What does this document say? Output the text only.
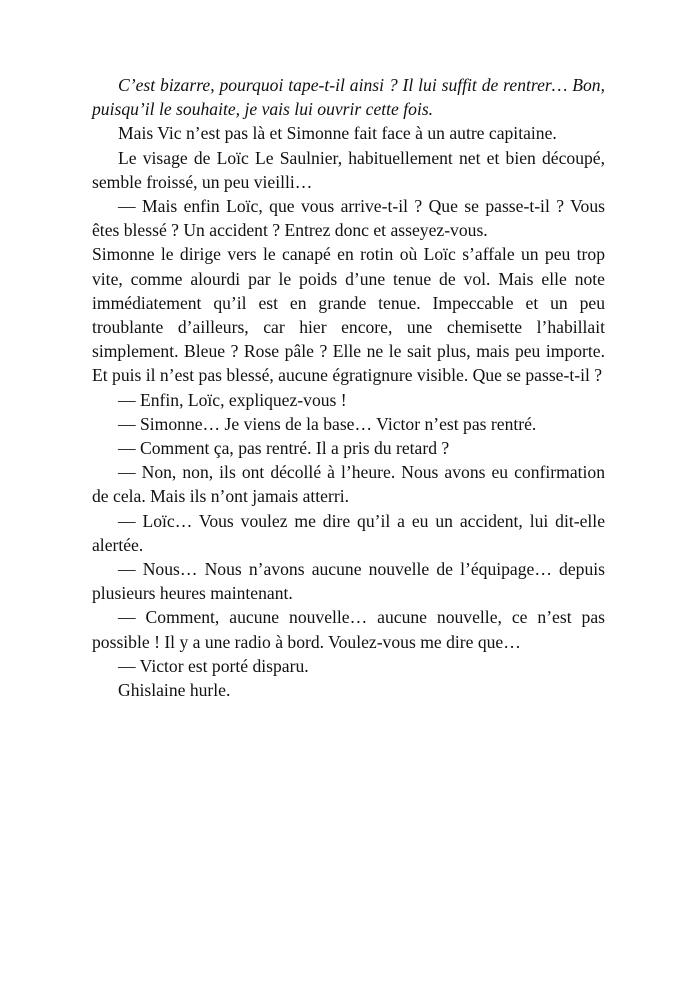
C’est bizarre, pourquoi tape-t-il ainsi ? Il lui suffit de rentrer… Bon, puisqu’il le souhaite, je vais lui ouvrir cette fois.

Mais Vic n’est pas là et Simonne fait face à un autre capitaine.

Le visage de Loïc Le Saulnier, habituellement net et bien découpé, semble froissé, un peu vieilli…

— Mais enfin Loïc, que vous arrive-t-il ? Que se passe-t-il ? Vous êtes blessé ? Un accident ? Entrez donc et asseyez-vous.

Simonne le dirige vers le canapé en rotin où Loïc s’affale un peu trop vite, comme alourdi par le poids d’une tenue de vol. Mais elle note immédiatement qu’il est en grande tenue. Impeccable et un peu troublante d’ailleurs, car hier encore, une chemisette l’habillait simplement. Bleue ? Rose pâle ? Elle ne le sait plus, mais peu importe. Et puis il n’est pas blessé, aucune égratignure visible. Que se passe-t-il ?

— Enfin, Loïc, expliquez-vous !

— Simonne… Je viens de la base… Victor n’est pas rentré.

— Comment ça, pas rentré. Il a pris du retard ?

— Non, non, ils ont décollé à l’heure. Nous avons eu confirmation de cela. Mais ils n’ont jamais atterri.

— Loïc… Vous voulez me dire qu’il a eu un accident, lui dit-elle alertée.

— Nous… Nous n’avons aucune nouvelle de l’équipage… depuis plusieurs heures maintenant.

— Comment, aucune nouvelle… aucune nouvelle, ce n’est pas possible ! Il y a une radio à bord. Voulez-vous me dire que…

— Victor est porté disparu.

Ghislaine hurle.
